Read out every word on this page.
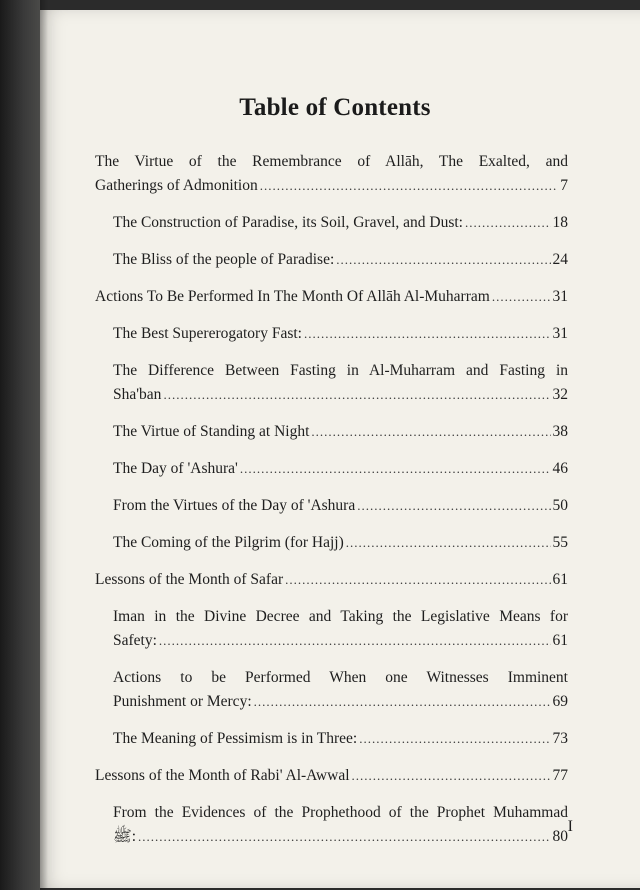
Table of Contents
The Virtue of the Remembrance of Allāh, The Exalted, and
Gatherings of Admonition .....	7
The Construction of Paradise, its Soil, Gravel, and Dust: .....	18
The Bliss of the people of Paradise: .....	24
Actions To Be Performed In The Month Of Allāh Al-Muharram .....	31
The Best Supererogatory Fast: .....	31
The Difference Between Fasting in Al-Muharram and Fasting in
Sha'ban .....	32
The Virtue of Standing at Night .....	38
The Day of 'Ashura' .....	46
From the Virtues of the Day of 'Ashura .....	50
The Coming of the Pilgrim (for Hajj) .....	55
Lessons of the Month of Safar .....	61
Iman in the Divine Decree and Taking the Legislative Means for
Safety: .....	61
Actions to be Performed When one Witnesses Imminent
Punishment or Mercy: .....	69
The Meaning of Pessimism is in Three: .....	73
Lessons of the Month of Rabi' Al-Awwal .....	77
From the Evidences of the Prophethood of the Prophet Muhammad
ﷺ: .....	80
I
